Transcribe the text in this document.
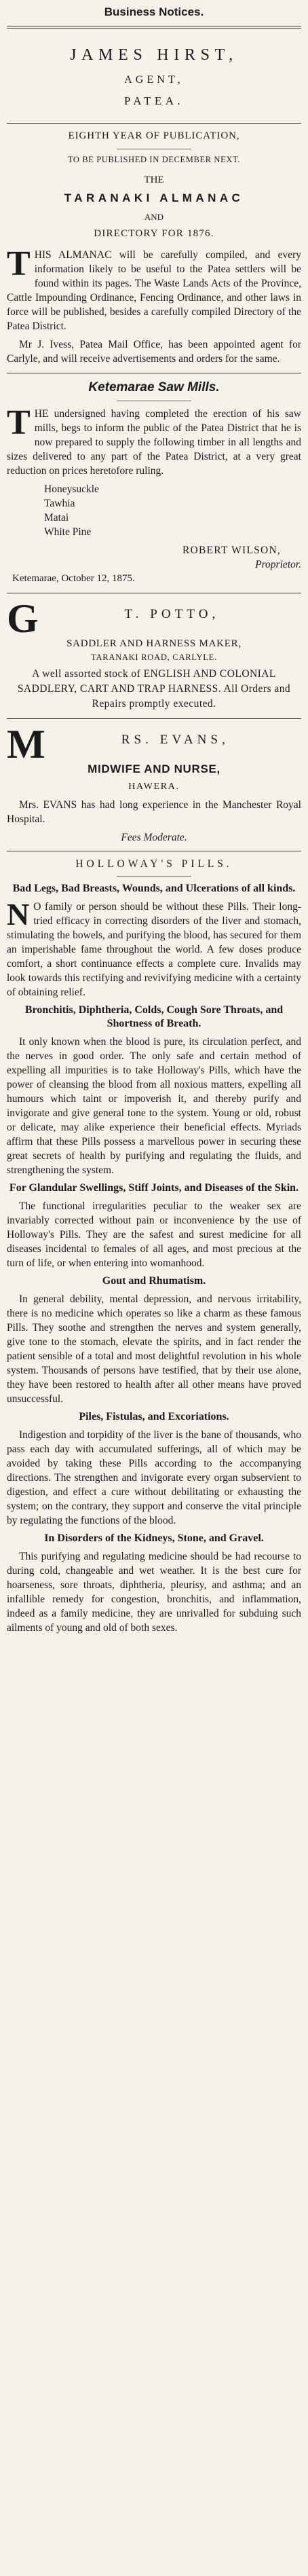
Business Notices.
JAMES HIRST,
AGENT,
PATEA.
EIGHTH YEAR OF PUBLICATION,
TO BE PUBLISHED IN DECEMBER NEXT.
THE
TARANAKI ALMANAC
AND
DIRECTORY FOR 1876.

THIS ALMANAC will be carefully compiled, and every information likely to be useful to the Patea settlers will be found within its pages. The Waste Lands Acts of the Province, Cattle Impounding Ordinance, Fencing Ordinance, and other laws in force will be published, besides a carefully compiled Directory of the Patea District.

Mr J. Ivess, Patea Mail Office, has been appointed agent for Carlyle, and will receive advertisements and orders for the same.

Ketemarae Saw Mills.

THE undersigned having completed the erection of his saw mills, begs to inform the public of the Patea District that he is now prepared to supply the following timber in all lengths and sizes delivered to any part of the Patea District, at a very great reduction on prices heretofore ruling.

Honeysuckle
Tawhia
Matai
White Pine
ROBERT WILSON,
Proprietor.
Ketemarae, October 12, 1875.
G	T. POTTO,
SADDLER AND HARNESS MAKER,
TARANAKI ROAD, CARLYLE.

A well assorted stock of ENGLISH AND COLONIAL SADDLERY, CART AND TRAP HARNESS. All Orders and Repairs promptly executed.

M	RS. EVANS,
MIDWIFE AND NURSE,
HAWERA.

Mrs. EVANS has had long experience in the Manchester Royal Hospital.

Fees Moderate.
HOLLOWAY'S PILLS.
Bad Legs, Bad Breasts, Wounds, and Ulcerations of all kinds.

N O family or person should be without these Pills. Their long-tried efficacy in correcting disorders of the liver and stomach, stimulating the bowels, and purifying the blood, has secured for them an imperishable fame throughout the world. A few doses produce comfort, a short continuance effects a complete cure. Invalids may look towards this rectifying and revivifying medicine with a certainty of obtaining relief.

Bronchitis, Diphtheria, Colds, Cough Sore Throats, and Shortness of Breath.

It only known when the blood is pure, its circulation perfect, and the nerves in good order. The only safe and certain method of expelling all impurities is to take Holloway's Pills, which have the power of cleansing the blood from all noxious matters, expelling all humours which taint or impoverish it, and thereby purify and invigorate and give general tone to the system. Young or old, robust or delicate, may alike experience their beneficial effects. Myriads affirm that these Pills possess a marvellous power in securing these great secrets of health by purifying and regulating the fluids, and strengthening the system.

For Glandular Swellings, Stiff Joints, and Diseases of the Skin.

The functional irregularities peculiar to the weaker sex are invariably corrected without pain or inconvenience by the use of Holloway's Pills. They are the safest and surest medicine for all diseases incidental to females of all ages, and most precious at the turn of life, or when entering into womanhood.

Gout and Rhumatism.

In general debility, mental depression, and nervous irritability, there is no medicine which operates so like a charm as these famous Pills. They soothe and strengthen the nerves and system generally, give tone to the stomach, elevate the spirits, and in fact render the patient sensible of a total and most delightful revolution in his whole system. Thousands of persons have testified, that by their use alone, they have been restored to health after all other means have proved unsuccessful.

Piles, Fistulas, and Excoriations.

Indigestion and torpidity of the liver is the bane of thousands, who pass each day with accumulated sufferings, all of which may be avoided by taking these Pills according to the accompanying directions. The strengthen and invigorate every organ subservient to digestion, and effect a cure without debilitating or exhausting the system; on the contrary, they support and conserve the vital principle by regulating the functions of the blood.

In Disorders of the Kidneys, Stone, and Gravel.

This purifying and regulating medicine should be had recourse to during cold, changeable and wet weather. It is the best cure for hoarseness, sore throats, diphtheria, pleurisy, and asthma; and an infallible remedy for congestion, bronchitis, and inflammation, indeed as a family medicine, they are unrivalled for subduing such ailments of young and old of both sexes.
